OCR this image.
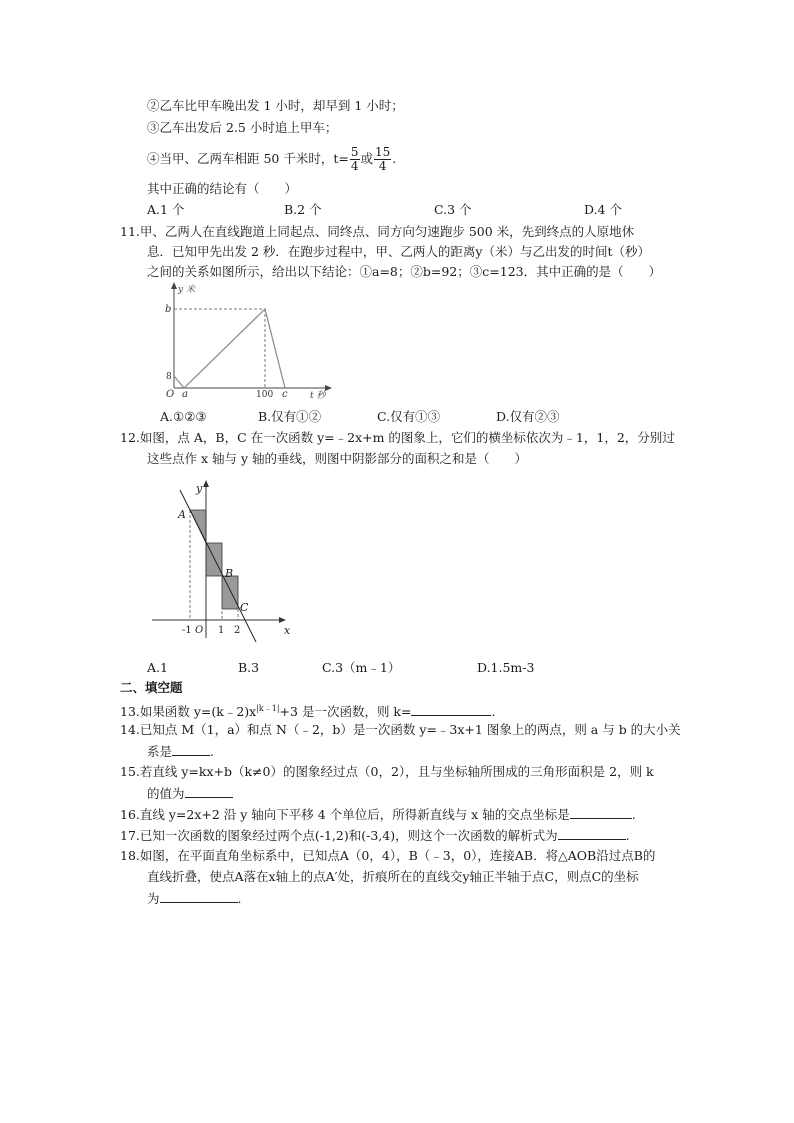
②乙车比甲车晚出发 1 小时，却早到 1 小时；
③乙车出发后 2.5 小时追上甲车；
④当甲、乙两车相距 50 千米时，$t= \frac{5}{4}$ 或 $\frac{15}{4}$ .
其中正确的结论有（　　）
A.1 个	B.2 个	C.3 个	D.4 个
11.甲、乙两人在直线跑道上同起点、同终点、同方向匀速跑步 500 米，先到终点的人原地休
息．已知甲先出发 2 秒．在跑步过程中，甲、乙两人的距离y（米）与乙出发的时间t（秒）
之间的关系如图所示，给出以下结论：①a=8；②b=92；③c=123．其中正确的是（　　）
y 米
b
8
O a	100 c t 秒
A.①②③	B.仅有①②	C.仅有①③	D.仅有②③
12.如图，点 A，B，C 在一次函数 y=﹣2x+m 的图象上，它们的横坐标依次为﹣1，1，2，分别过
这些点作 x 轴与 y 轴的垂线，则图中阴影部分的面积之和是（　　）
y
A
B
C
-1 O 1 2	x
A.1	B.3	C.3（m﹣1）	D.1.5m-3
二、填空题
13.如果函数 $y=(k﹣2)x^{|k﹣1|}+3$ 是一次函数，则 k=	.
14.已知点 M（1，a）和点 N（﹣2，b）是一次函数 y=﹣3x+1 图象上的两点，则 a 与 b 的大小关
系是	.
15.若直线 y=kx+b（k≠0）的图象经过点（0，2），且与坐标轴所围成的三角形面积是 2，则 k
的值为
16.直线 y=2x+2 沿 y 轴向下平移 4 个单位后，所得新直线与 x 轴的交点坐标是	.
17.已知一次函数的图象经过两个点(-1,2)和(-3,4)，则这个一次函数的解析式为	.
18.如图，在平面直角坐标系中，已知点A（0，4），B（﹣3，0），连接AB．将△AOB沿过点B的
直线折叠，使点A落在x轴上的点A′处，折痕所在的直线交y轴正半轴于点C，则点C的坐标
为	.
